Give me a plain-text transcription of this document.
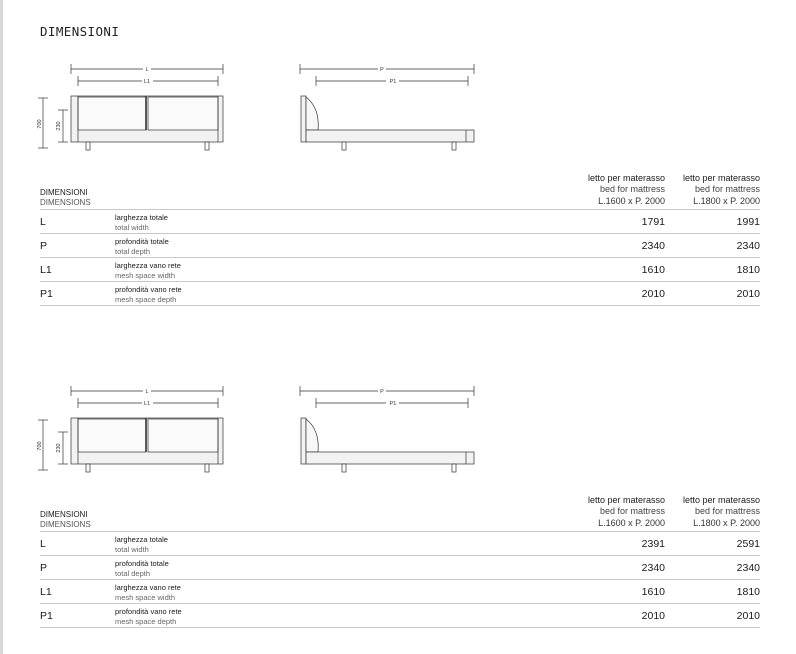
DIMENSIONI
L
L1
P
P1
700 230
DIMENSIONI
DIMENSIONS
letto per materasso
bed for mattress
L.1600 x P. 2000
letto per materasso
bed for mattress
L.1800 x P. 2000
L	larghezza totale
total width	1791	1991
P	profondità totale
total depth	2340	2340
L1	larghezza vano rete
mesh space width	1610	1810
P1	profondità vano rete
mesh space depth	2010	2010
L
L1
P
P1
700 230
DIMENSIONI
DIMENSIONS
letto per materasso
bed for mattress
L.1600 x P. 2000
letto per materasso
bed for mattress
L.1800 x P. 2000
L	larghezza totale
total width	2391	2591
P	profondità totale
total depth	2340	2340
L1	larghezza vano rete
mesh space width	1610	1810
P1	profondità vano rete
mesh space depth	2010	2010
